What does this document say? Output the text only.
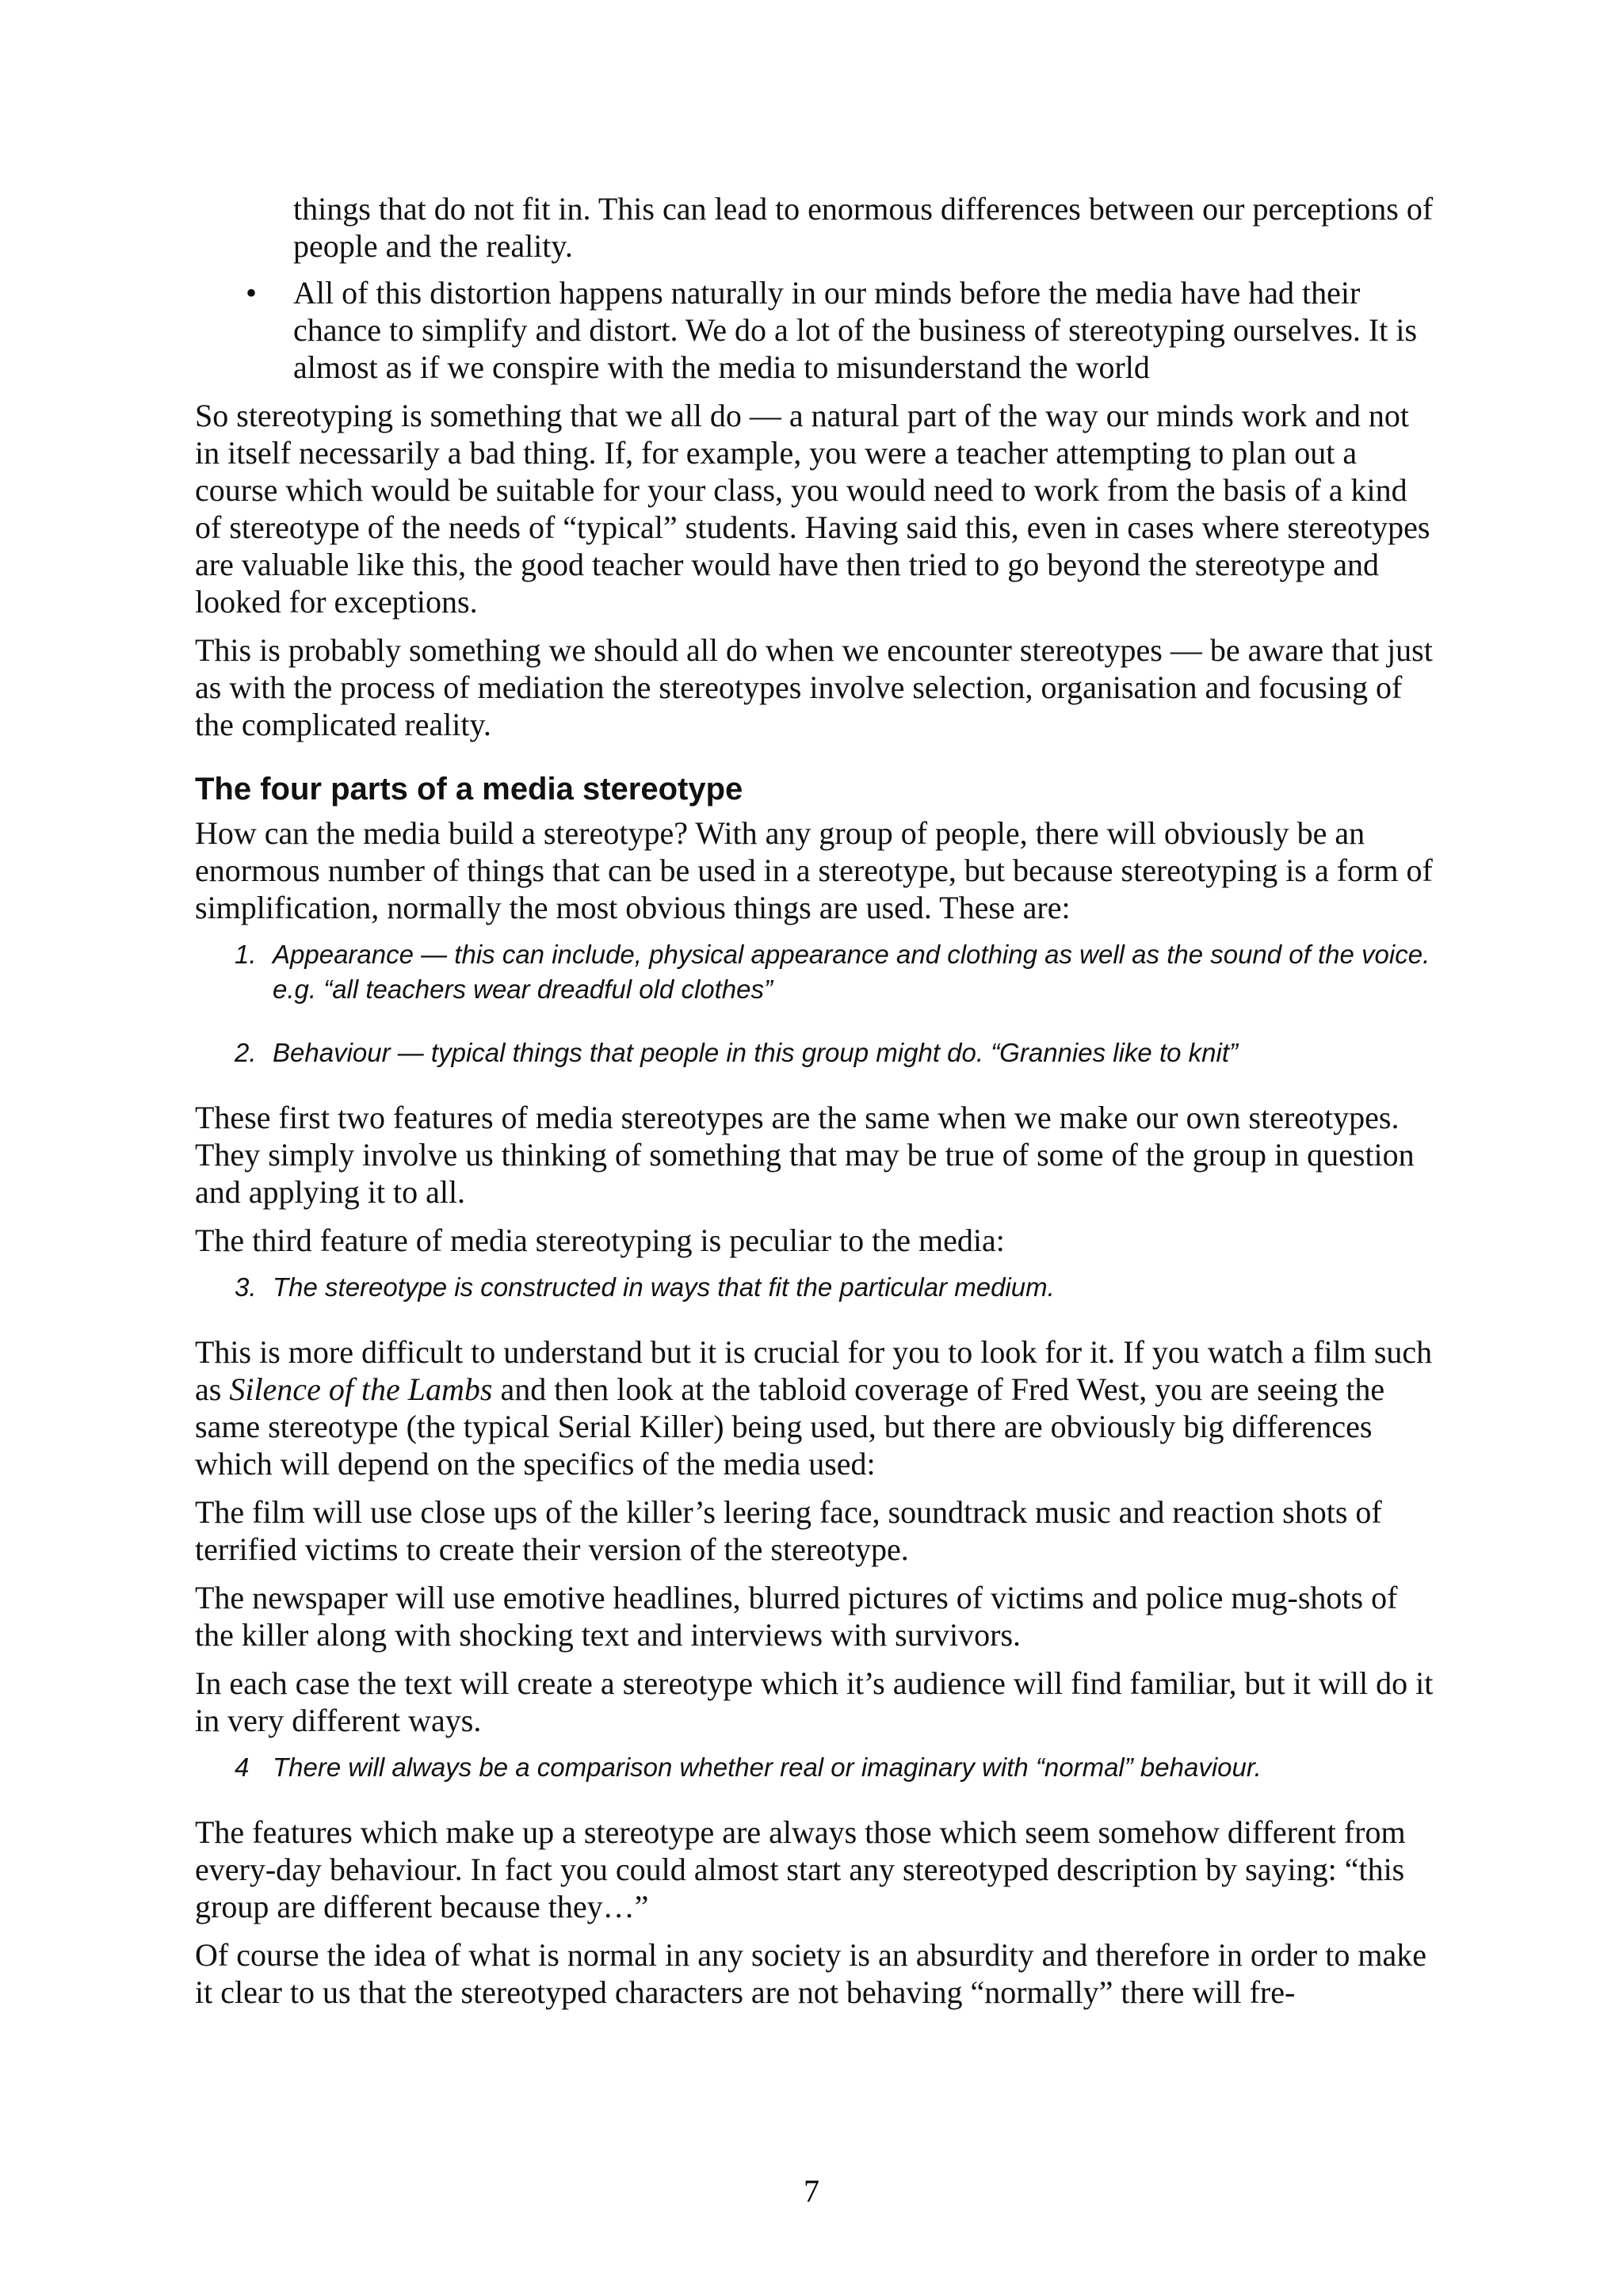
things that do not fit in. This can lead to enormous differences between our perceptions of people and the reality.

• All of this distortion happens naturally in our minds before the media have had their chance to simplify and distort. We do a lot of the business of stereotyping ourselves. It is almost as if we conspire with the media to misunderstand the world

So stereotyping is something that we all do — a natural part of the way our minds work and not in itself necessarily a bad thing. If, for example, you were a teacher attempting to plan out a course which would be suitable for your class, you would need to work from the basis of a kind of stereotype of the needs of “typical” students. Having said this, even in cases where stereotypes are valuable like this, the good teacher would have then tried to go beyond the stereotype and looked for exceptions.

This is probably something we should all do when we encounter stereotypes — be aware that just as with the process of mediation the stereotypes involve selection, organisation and focusing of the complicated reality.

The four parts of a media stereotype

How can the media build a stereotype? With any group of people, there will obviously be an enormous number of things that can be used in a stereotype, but because stereotyping is a form of simplification, normally the most obvious things are used. These are:

1. Appearance — this can include, physical appearance and clothing as well as the sound of the voice. e.g. “all teachers wear dreadful old clothes”
2. Behaviour — typical things that people in this group might do. “Grannies like to knit”

These first two features of media stereotypes are the same when we make our own stereotypes. They simply involve us thinking of something that may be true of some of the group in question and applying it to all.

The third feature of media stereotyping is peculiar to the media:

3. The stereotype is constructed in ways that fit the particular medium.

This is more difficult to understand but it is crucial for you to look for it. If you watch a film such as Silence of the Lambs and then look at the tabloid coverage of Fred West, you are seeing the same stereotype (the typical Serial Killer) being used, but there are obviously big differences which will depend on the specifics of the media used:

The film will use close ups of the killer’s leering face, soundtrack music and reaction shots of terrified victims to create their version of the stereotype.

The newspaper will use emotive headlines, blurred pictures of victims and police mug-shots of the killer along with shocking text and interviews with survivors.

In each case the text will create a stereotype which it’s audience will find familiar, but it will do it in very different ways.

4 There will always be a comparison whether real or imaginary with “normal” behaviour.

The features which make up a stereotype are always those which seem somehow different from every-day behaviour. In fact you could almost start any stereotyped description by saying: “this group are different because they…”

Of course the idea of what is normal in any society is an absurdity and therefore in order to make it clear to us that the stereotyped characters are not behaving “normally” there will fre-

7
